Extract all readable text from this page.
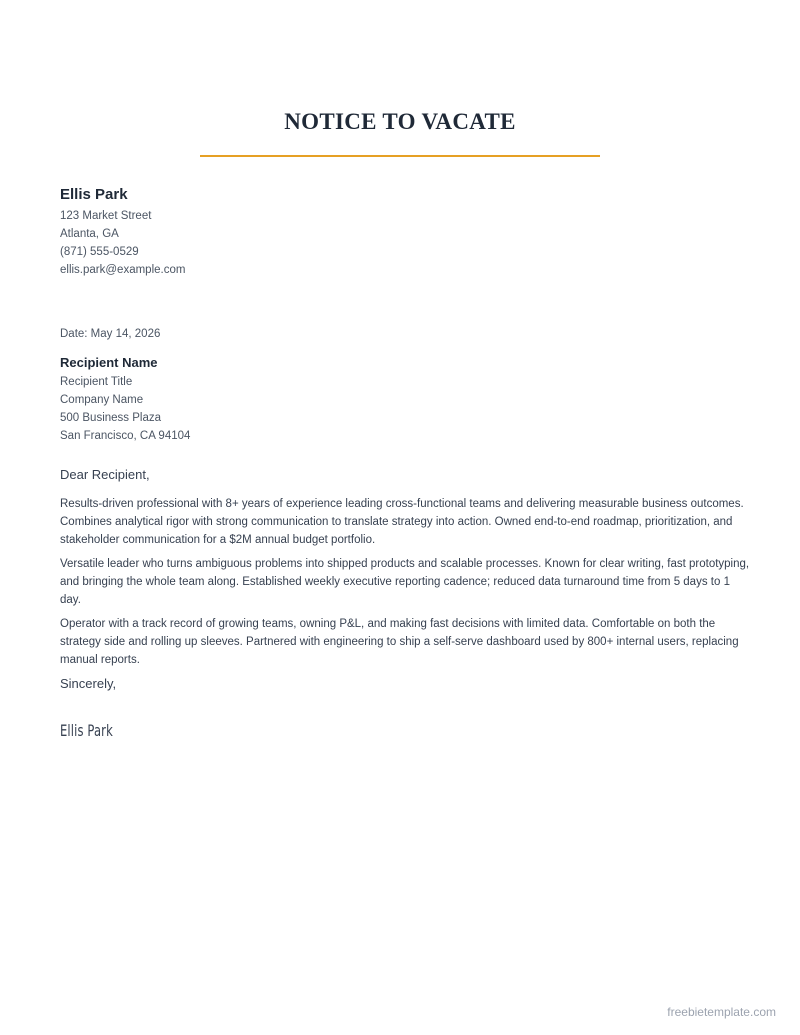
NOTICE TO VACATE
Ellis Park
123 Market Street
Atlanta, GA
(871) 555-0529
ellis.park@example.com
Date: May 14, 2026
Recipient Name
Recipient Title
Company Name
500 Business Plaza
San Francisco, CA 94104
Dear Recipient,

Results-driven professional with 8+ years of experience leading cross-functional teams and delivering measurable business outcomes. Combines analytical rigor with strong communication to translate strategy into action. Owned end-to-end roadmap, prioritization, and stakeholder communication for a $2M annual budget portfolio.

Versatile leader who turns ambiguous problems into shipped products and scalable processes. Known for clear writing, fast prototyping, and bringing the whole team along. Established weekly executive reporting cadence; reduced data turnaround time from 5 days to 1 day.

Operator with a track record of growing teams, owning P&L, and making fast decisions with limited data. Comfortable on both the strategy side and rolling up sleeves. Partnered with engineering to ship a self-serve dashboard used by 800+ internal users, replacing manual reports.

Sincerely,
Ellis Park
freebietemplate.com
